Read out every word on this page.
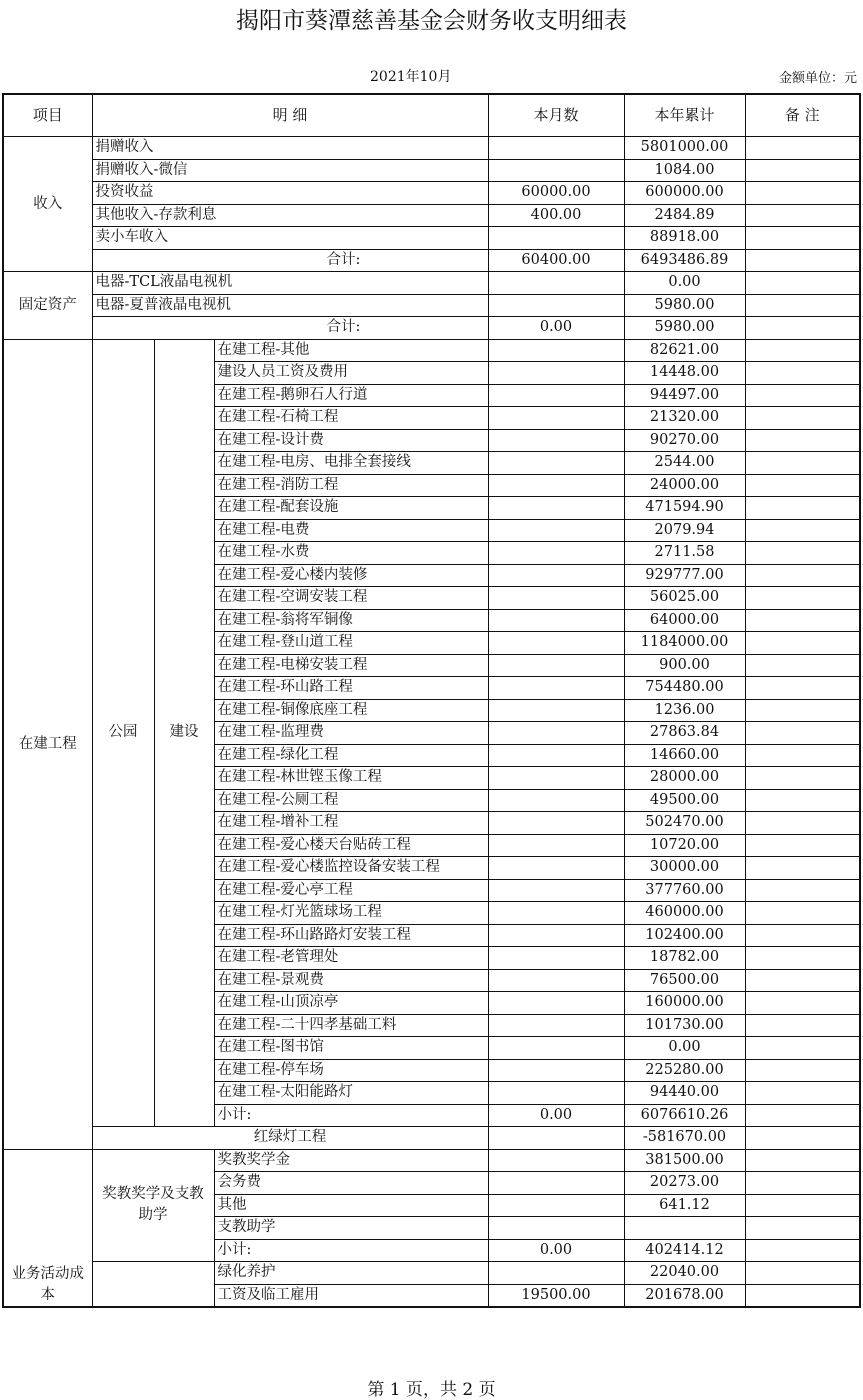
揭阳市葵潭慈善基金会财务收支明细表
2021年10月	金额单位：元
项目	明 细			本月数	本年累计	备 注
收入	捐赠收入				5801000.00	
	捐赠收入-微信				1084.00	
	投资收益			60000.00	600000.00	
	其他收入-存款利息			400.00	2484.89	
	卖小车收入				88918.00	
	合计:			60400.00	6493486.89	
固定资产	电器-TCL液晶电视机				0.00	
	电器-夏普液晶电视机				5980.00	
	合计:			0.00	5980.00	
在建工程	公园	建设	在建工程-其他		82621.00	
			建设人员工资及费用		14448.00	
			在建工程-鹅卵石人行道		94497.00	
			在建工程-石椅工程		21320.00	
			在建工程-设计费		90270.00	
			在建工程-电房、电排全套接线		2544.00	
			在建工程-消防工程		24000.00	
			在建工程-配套设施		471594.90	
			在建工程-电费		2079.94	
			在建工程-水费		2711.58	
			在建工程-爱心楼内装修		929777.00	
			在建工程-空调安装工程		56025.00	
			在建工程-翁将军铜像		64000.00	
			在建工程-登山道工程		1184000.00	
			在建工程-电梯安装工程		900.00	
			在建工程-环山路工程		754480.00	
			在建工程-铜像底座工程		1236.00	
			在建工程-监理费		27863.84	
			在建工程-绿化工程		14660.00	
			在建工程-林世铿玉像工程		28000.00	
			在建工程-公厕工程		49500.00	
			在建工程-增补工程		502470.00	
			在建工程-爱心楼天台贴砖工程		10720.00	
			在建工程-爱心楼监控设备安装工程		30000.00	
			在建工程-爱心亭工程		377760.00	
			在建工程-灯光篮球场工程		460000.00	
			在建工程-环山路路灯安装工程		102400.00	
			在建工程-老管理处		18782.00	
			在建工程-景观费		76500.00	
			在建工程-山顶凉亭		160000.00	
			在建工程-二十四孝基础工料		101730.00	
			在建工程-图书馆		0.00	
			在建工程-停车场		225280.00	
			在建工程-太阳能路灯		94440.00	
			小计:	0.00	6076610.26	
	红绿灯工程				-581670.00	
业务活动成本	奖教奖学及支教助学		奖教奖学金		381500.00	
			会务费		20273.00	
			其他		641.12	
			支教助学			
			小计:	0.00	402414.12	
			绿化养护		22040.00	
			工资及临工雇用	19500.00	201678.00	
第 1 页，共 2 页
